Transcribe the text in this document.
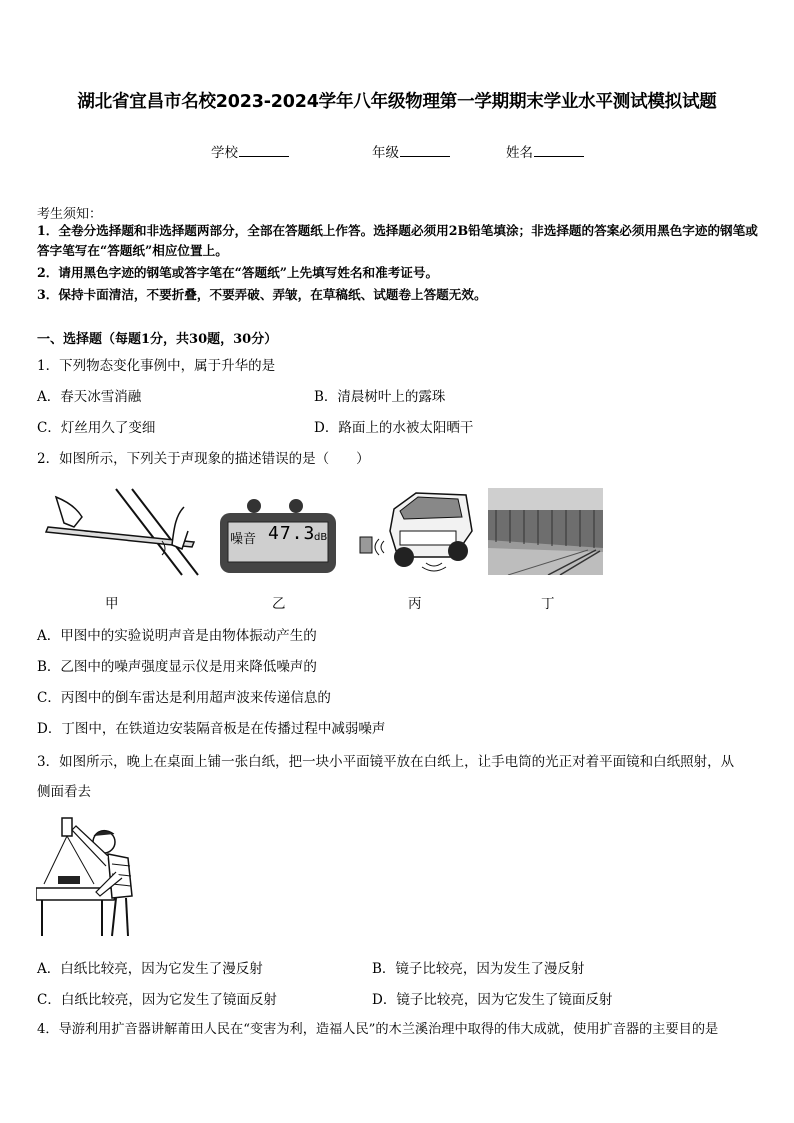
湖北省宜昌市名校2023-2024学年八年级物理第一学期期末学业水平测试模拟试题
学校	年级	姓名
考生须知：
1．全卷分选择题和非选择题两部分，全部在答题纸上作答。选择题必须用2B铅笔填涂；非选择题的答案必须用黑色字迹的钢笔或答字笔写在“答题纸”相应位置上。
2．请用黑色字迹的钢笔或答字笔在“答题纸”上先填写姓名和准考证号。
3．保持卡面清洁，不要折叠，不要弄破、弄皱，在草稿纸、试题卷上答题无效。
一、选择题（每题1分，共30题，30分）
1．下列物态变化事例中，属于升华的是
A．春天冰雪消融	B．清晨树叶上的露珠
C．灯丝用久了变细	D．路面上的水被太阳晒干
2．如图所示，下列关于声现象的描述错误的是（　　）
甲
噪音 47.3
dB
乙	丙	丁
A．甲图中的实验说明声音是由物体振动产生的
B．乙图中的噪声强度显示仪是用来降低噪声的
C．丙图中的倒车雷达是利用超声波来传递信息的
D．丁图中，在铁道边安装隔音板是在传播过程中减弱噪声
3．如图所示，晚上在桌面上铺一张白纸，把一块小平面镜平放在白纸上，让手电筒的光正对着平面镜和白纸照射，从
侧面看去
A．白纸比较亮，因为它发生了漫反射	B．镜子比较亮，因为发生了漫反射
C．白纸比较亮，因为它发生了镜面反射	D．镜子比较亮，因为它发生了镜面反射
4．导游利用扩音器讲解莆田人民在“变害为利，造福人民”的木兰溪治理中取得的伟大成就，使用扩音器的主要目的是
